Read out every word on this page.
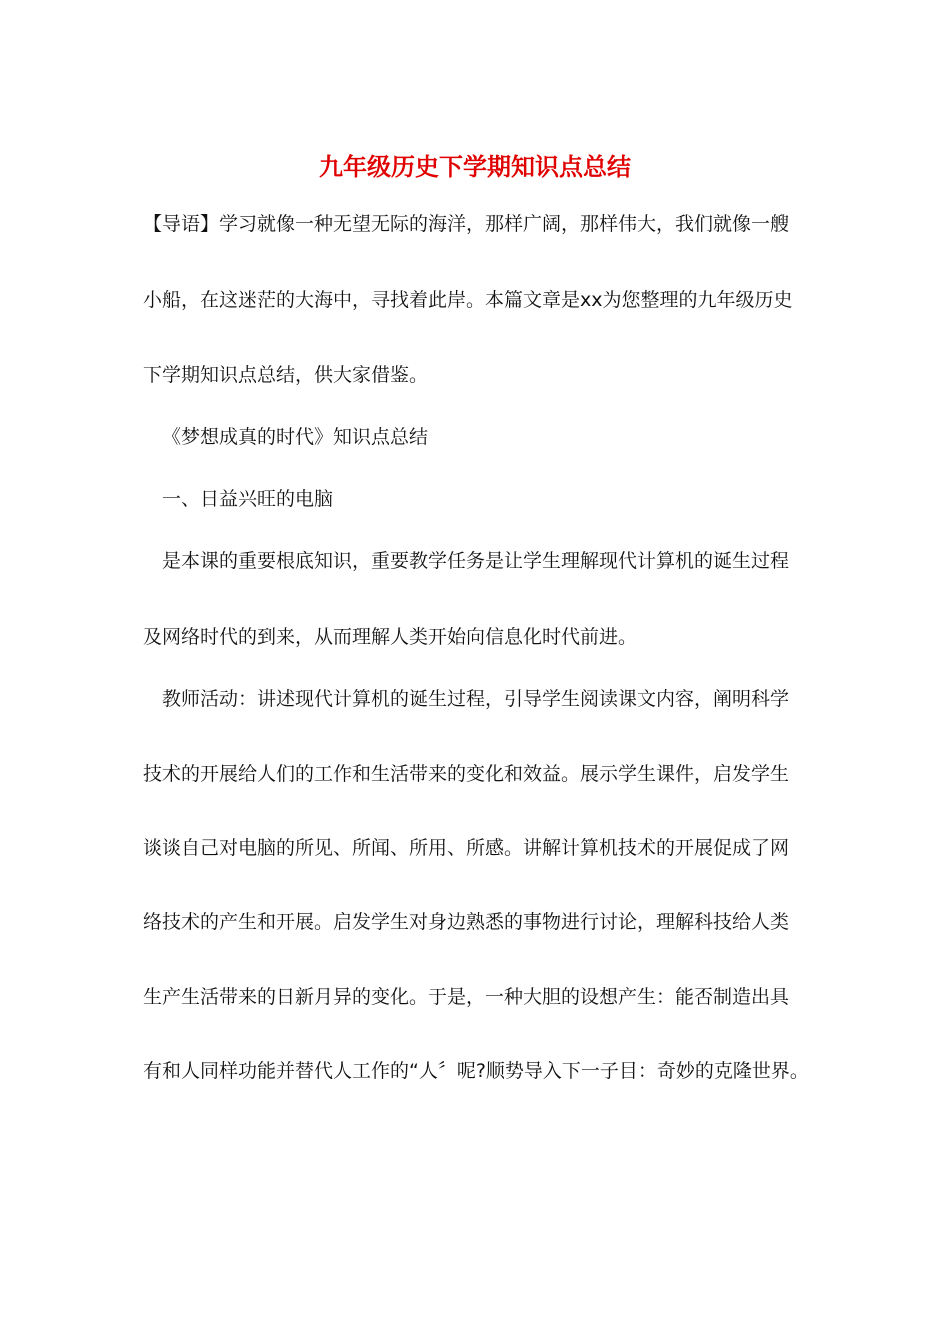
九年级历史下学期知识点总结

【导语】学习就像一种无望无际的海洋，那样广阔，那样伟大，我们就像一艘

小船，在这迷茫的大海中，寻找着此岸。本篇文章是xx为您整理的九年级历史

下学期知识点总结，供大家借鉴。

《梦想成真的时代》知识点总结

一、日益兴旺的电脑

是本课的重要根底知识，重要教学任务是让学生理解现代计算机的诞生过程

及网络时代的到来，从而理解人类开始向信息化时代前进。

教师活动：讲述现代计算机的诞生过程，引导学生阅读课文内容，阐明科学

技术的开展给人们的工作和生活带来的变化和效益。展示学生课件，启发学生

谈谈自己对电脑的所见、所闻、所用、所感。讲解计算机技术的开展促成了网

络技术的产生和开展。启发学生对身边熟悉的事物进行讨论，理解科技给人类

生产生活带来的日新月异的变化。于是，一种大胆的设想产生：能否制造出具

有和人同样功能并替代人工作的“人〞呢?顺势导入下一子目：奇妙的克隆世界。
